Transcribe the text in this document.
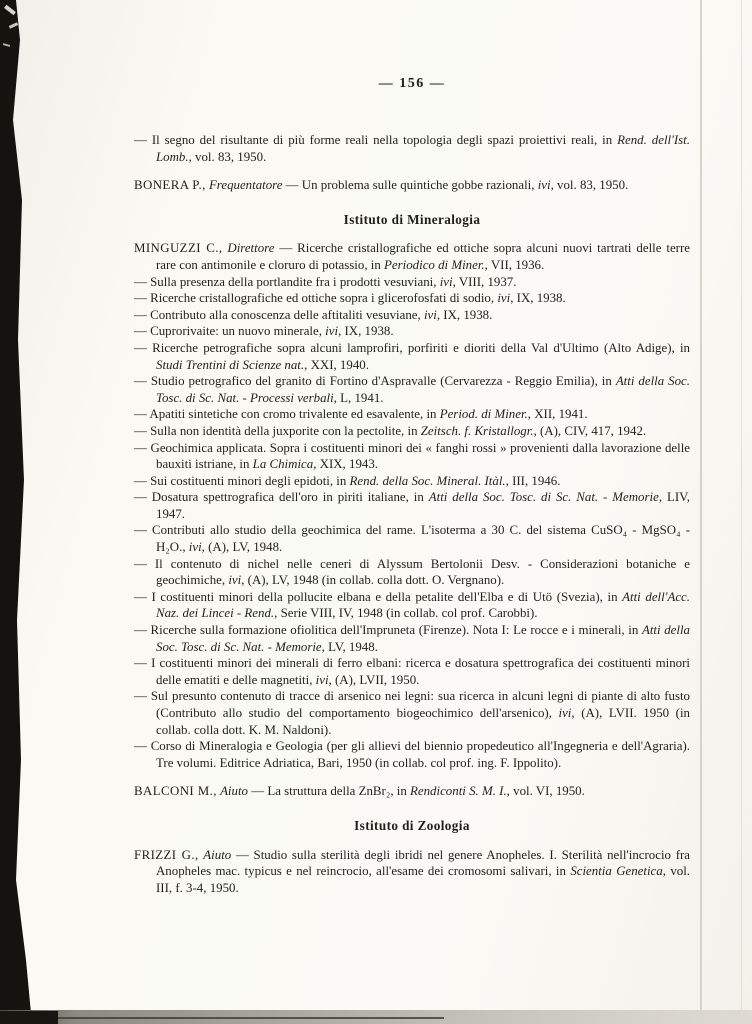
— 156 —

— Il segno del risultante di più forme reali nella topologia degli spazi proiettivi reali, in Rend. dell'Ist. Lomb., vol. 83, 1950.

BONERA P., Frequentatore — Un problema sulle quintiche gobbe razionali, ivi, vol. 83, 1950.

Istituto di Mineralogia

MINGUZZI C., Direttore — Ricerche cristallografiche ed ottiche sopra alcuni nuovi tartrati delle terre rare con antimonile e cloruro di potassio, in Periodico di Miner., VII, 1936.

— Sulla presenza della portlandite fra i prodotti vesuviani, ivi, VIII, 1937.

— Ricerche cristallografiche ed ottiche sopra i glicerofosfati di sodio, ivi, IX, 1938.

— Contributo alla conoscenza delle aftitaliti vesuviane, ivi, IX, 1938.

— Cuprorivaite: un nuovo minerale, ivi, IX, 1938.

— Ricerche petrografiche sopra alcuni lamprofiri, porfiriti e dioriti della Val d'Ultimo (Alto Adige), in Studi Trentini di Scienze nat., XXI, 1940.

— Studio petrografico del granito di Fortino d'Aspravalle (Cervarezza - Reggio Emilia), in Atti della Soc. Tosc. di Sc. Nat. - Processi verbali, L, 1941.

— Apatiti sintetiche con cromo trivalente ed esavalente, in Period. di Miner., XII, 1941.

— Sulla non identità della juxporite con la pectolite, in Zeitsch. f. Kristallogr., (A), CIV, 417, 1942.

— Geochimica applicata. Sopra i costituenti minori dei « fanghi rossi » provenienti dalla lavorazione delle bauxiti istriane, in La Chimica, XIX, 1943.

— Sui costituenti minori degli epidoti, in Rend. della Soc. Mineral. Itàl., III, 1946.

— Dosatura spettrografica dell'oro in piriti italiane, in Atti della Soc. Tosc. di Sc. Nat. - Memorie, LIV, 1947.

— Contributi allo studio della geochimica del rame. L'isoterma a 30 C. del sistema CuSO₄ - MgSO₄ - H₂O., ivi, (A), LV, 1948.

— Il contenuto di nichel nelle ceneri di Alyssum Bertolonii Desv. - Considerazioni botaniche e geochimiche, ivi, (A), LV, 1948 (in collab. colla dott. O. Vergnano).

— I costituenti minori della pollucite elbana e della petalite dell'Elba e di Utö (Svezia), in Atti dell'Acc. Naz. dei Lincei - Rend., Serie VIII, IV, 1948 (in collab. col prof. Carobbi).

— Ricerche sulla formazione ofiolitica dell'Impruneta (Firenze). Nota I: Le rocce e i minerali, in Atti della Soc. Tosc. di Sc. Nat. - Memorie, LV, 1948.

— I costituenti minori dei minerali di ferro elbani: ricerca e dosatura spettrografica dei costituenti minori delle ematiti e delle magnetiti, ivi, (A), LVII, 1950.

— Sul presunto contenuto di tracce di arsenico nei legni: sua ricerca in alcuni legni di piante di alto fusto (Contributo allo studio del comportamento biogeochimico dell'arsenico), ivi, (A), LVII. 1950 (in collab. colla dott. K. M. Naldoni).

— Corso di Mineralogia e Geologia (per gli allievi del biennio propedeutico all'Ingegneria e dell'Agraria). Tre volumi. Editrice Adriatica, Bari, 1950 (in collab. col prof. ing. F. Ippolito).

BALCONI M., Aiuto — La struttura della ZnBr₂, in Rendiconti S. M. I., vol. VI, 1950.

Istituto di Zoologia

FRIZZI G., Aiuto — Studio sulla sterilità degli ibridi nel genere Anopheles. I. Sterilità nell'incrocio fra Anopheles mac. typicus e nel reincrocio, all'esame dei cromosomi salivari, in Scientia Genetica, vol. III, f. 3-4, 1950.
